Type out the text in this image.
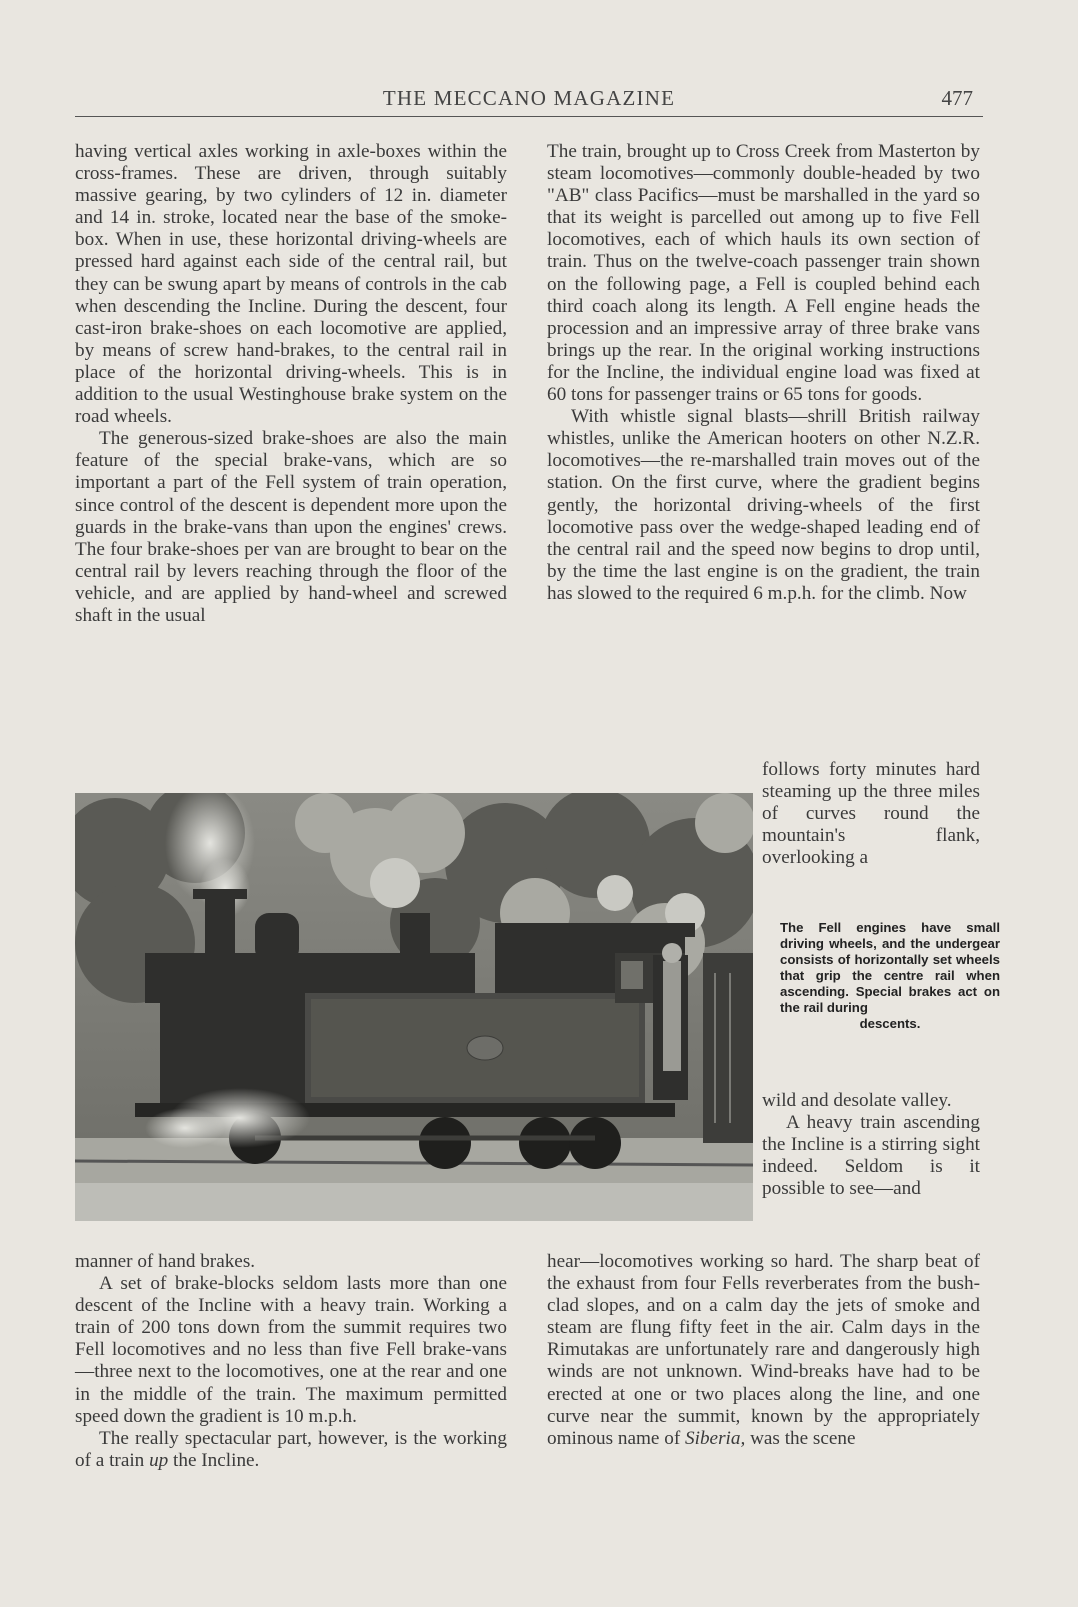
THE MECCANO MAGAZINE	477

having vertical axles working in axle-boxes within the cross-frames. These are driven, through suitably massive gearing, by two cylinders of 12 in. diameter and 14 in. stroke, located near the base of the smoke-box. When in use, these horizontal driving-wheels are pressed hard against each side of the central rail, but they can be swung apart by means of controls in the cab when descending the Incline. During the descent, four cast-iron brake-shoes on each locomotive are applied, by means of screw hand-brakes, to the central rail in place of the horizontal driving-wheels. This is in addition to the usual Westinghouse brake system on the road wheels.

The generous-sized brake-shoes are also the main feature of the special brake-vans, which are so important a part of the Fell system of train operation, since control of the descent is dependent more upon the guards in the brake-vans than upon the engines' crews. The four brake-shoes per van are brought to bear on the central rail by levers reaching through the floor of the vehicle, and are applied by hand-wheel and screwed shaft in the usual

The train, brought up to Cross Creek from Masterton by steam locomotives—commonly double-headed by two "AB" class Pacifics—must be marshalled in the yard so that its weight is parcelled out among up to five Fell locomotives, each of which hauls its own section of train. Thus on the twelve-coach passenger train shown on the following page, a Fell is coupled behind each third coach along its length. A Fell engine heads the procession and an impressive array of three brake vans brings up the rear. In the original working instructions for the Incline, the individual engine load was fixed at 60 tons for passenger trains or 65 tons for goods.

With whistle signal blasts—shrill British railway whistles, unlike the American hooters on other N.Z.R. locomotives—the re-marshalled train moves out of the station. On the first curve, where the gradient begins gently, the horizontal driving-wheels of the first locomotive pass over the wedge-shaped leading end of the central rail and the speed now begins to drop until, by the time the last engine is on the gradient, the train has slowed to the required 6 m.p.h. for the climb. Now

follows forty minutes hard steaming up the three miles of curves round the mountain's flank, overlooking a

The Fell engines have small driving wheels, and the undergear consists of horizontally set wheels that grip the centre rail when ascending. Special brakes act on the rail during
descents.

wild and desolate valley.

A heavy train ascending the Incline is a stirring sight indeed. Seldom is it possible to see—and

manner of hand brakes.

A set of brake-blocks seldom lasts more than one descent of the Incline with a heavy train. Working a train of 200 tons down from the summit requires two Fell locomotives and no less than five Fell brake-vans—three next to the locomotives, one at the rear and one in the middle of the train. The maximum permitted speed down the gradient is 10 m.p.h.

The really spectacular part, however, is the working of a train up the Incline.

hear—locomotives working so hard. The sharp beat of the exhaust from four Fells reverberates from the bush-clad slopes, and on a calm day the jets of smoke and steam are flung fifty feet in the air. Calm days in the Rimutakas are unfortunately rare and dangerously high winds are not unknown. Wind-breaks have had to be erected at one or two places along the line, and one curve near the summit, known by the appropriately ominous name of Siberia, was the scene
